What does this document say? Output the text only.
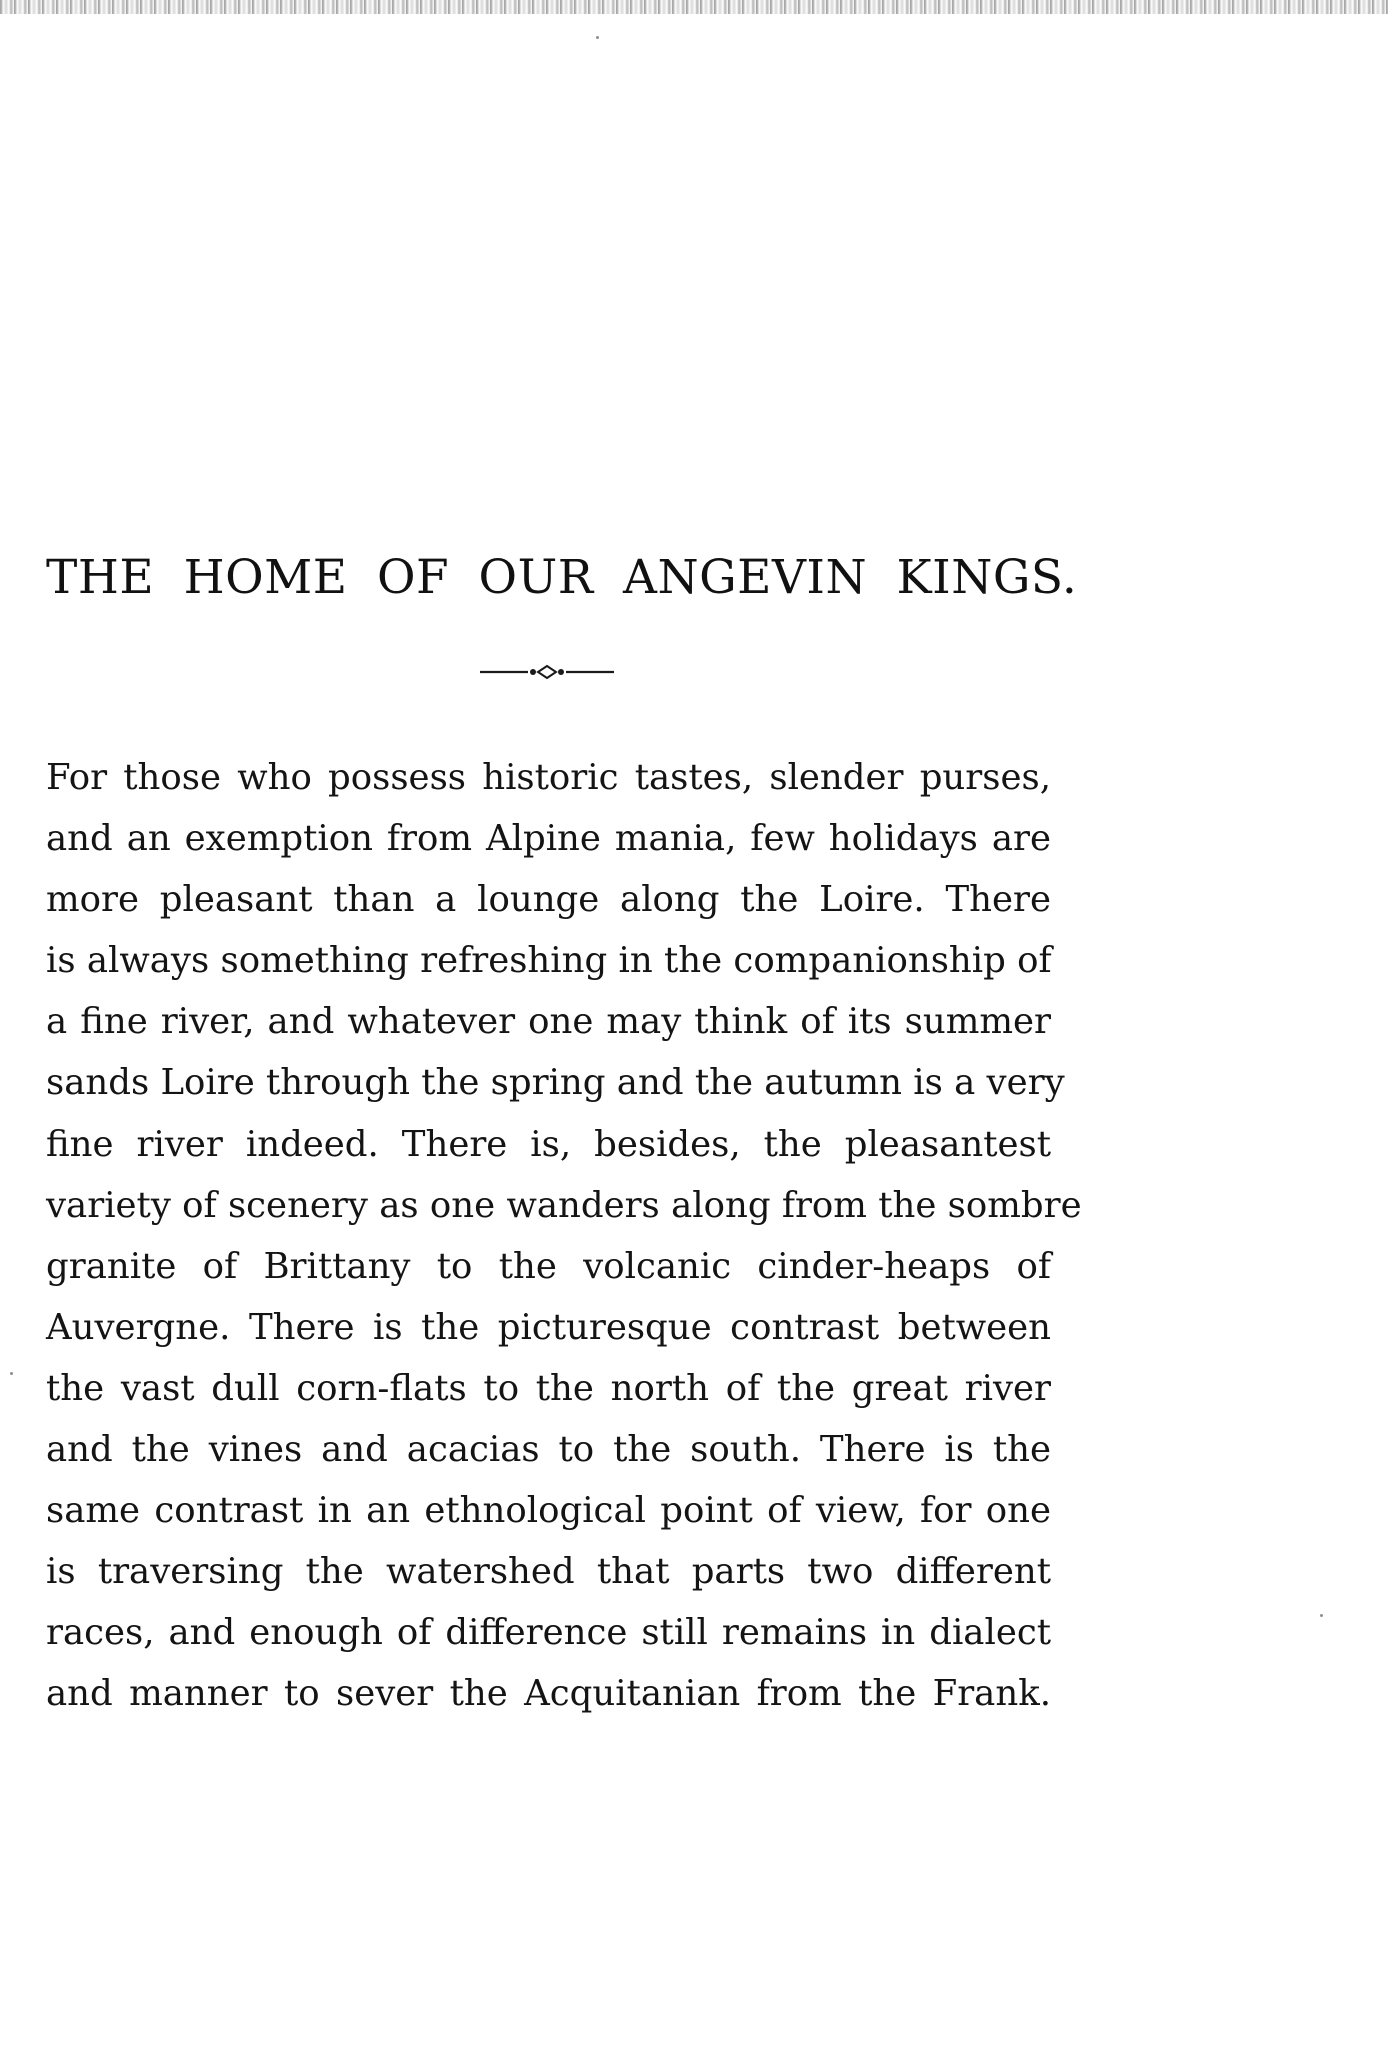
THE HOME OF OUR ANGEVIN KINGS.
For those who possess historic tastes, slender purses,
and an exemption from Alpine mania, few holidays are
more pleasant than a lounge along the Loire. There
is always something refreshing in the companionship of
a fine river, and whatever one may think of its summer
sands Loire through the spring and the autumn is a very
fine river indeed. There is, besides, the pleasantest
variety of scenery as one wanders along from the sombre
granite of Brittany to the volcanic cinder-heaps of
Auvergne. There is the picturesque contrast between
the vast dull corn-flats to the north of the great river
and the vines and acacias to the south. There is the
same contrast in an ethnological point of view, for one
is traversing the watershed that parts two different
races, and enough of difference still remains in dialect
and manner to sever the Acquitanian from the Frank.
